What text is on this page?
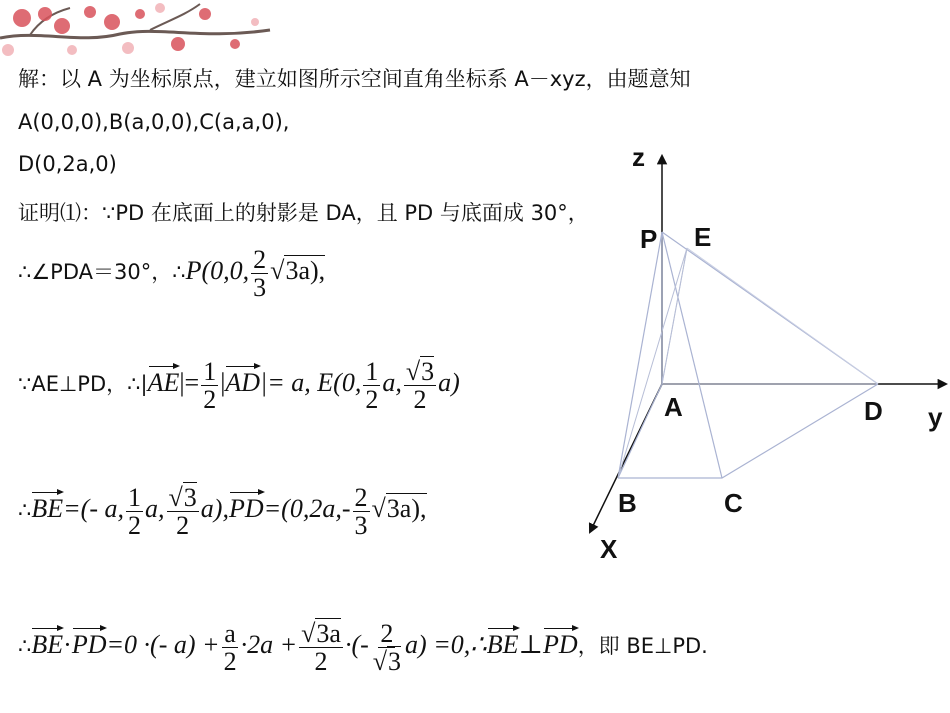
解：以 A 为坐标原点，建立如图所示空间直角坐标系 A－xyz，由题意知
A(0,0,0),B(a,0,0),C(a,a,0),
D(0,2a,0)
证明⑴：∵PD 在底面上的射影是 DA，且 PD 与底面成 30°，
∴∠PDA＝30°，∴P(0,0, $\frac{2}{3} √3a$),
∵AE⊥PD，∴|AE|= $\frac{1}{2} |AD|= a$, E(0, $\frac{1}{2} a$, $\frac{√3}{2} a$)
∴BE=(- a, $\frac{1}{2} a$, $\frac{√3}{2} a),PD=(0,2a,- \frac{2}{3} √3a)$,
∴BE·PD=0 ·(- $a) + \frac{a}{2} \cdot 2a + \frac{√3a}{2}$ ·(- $\frac{2}{√3} a$) =0,∴BE⊥PD，即 BE⊥PD.
z
P E
A	D y
B	C
X
